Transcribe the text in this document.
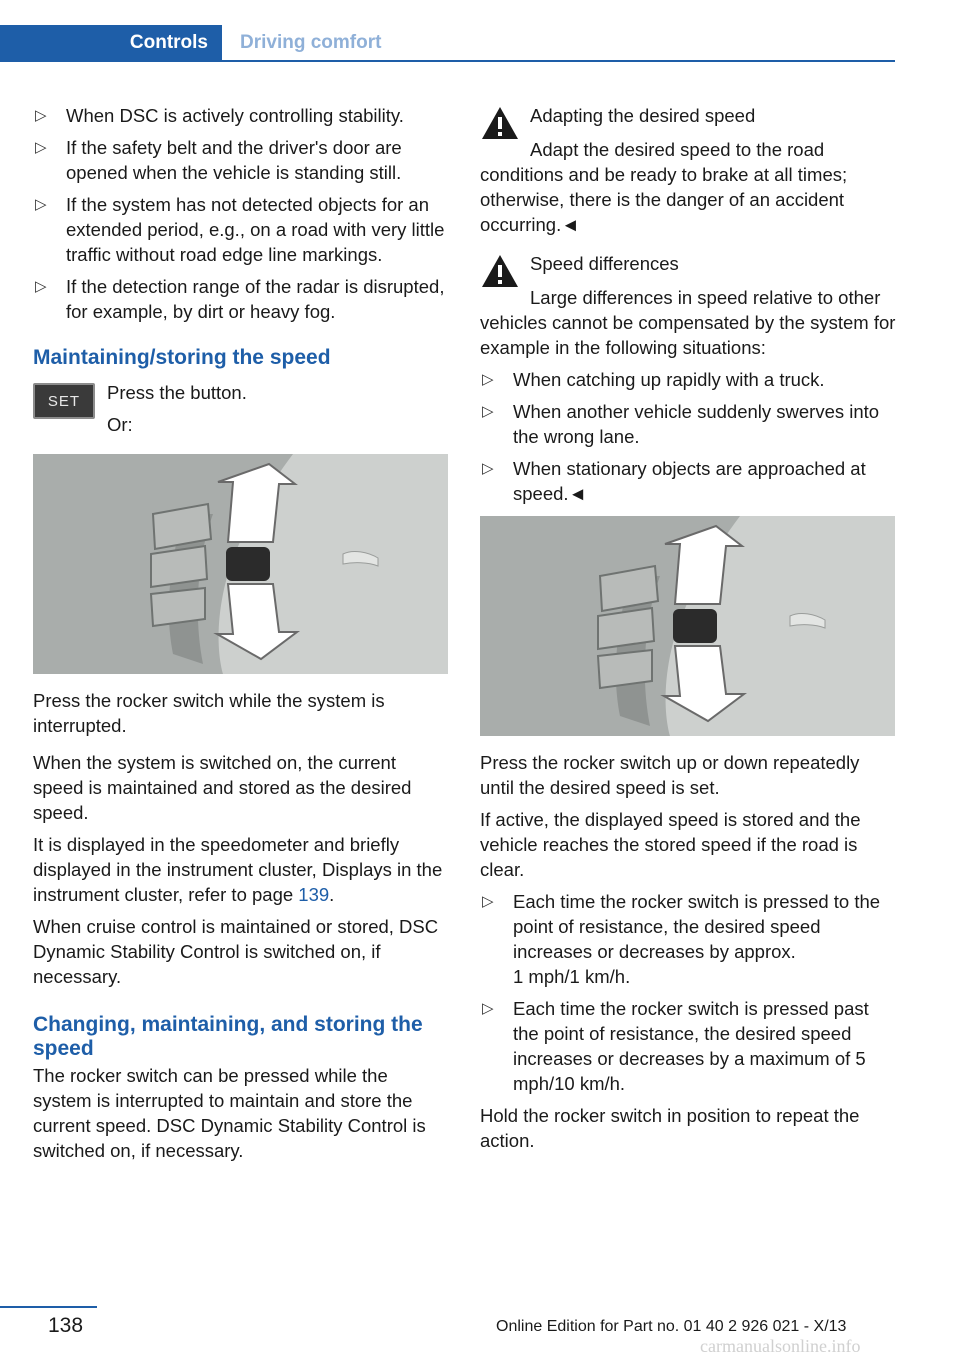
Controls	Driving comfort
▷	When DSC is actively controlling stability.
▷	If the safety belt and the driver's door are opened when the vehicle is standing still.
▷	If the system has not detected objects for an extended period, e.g., on a road with very little traffic without road edge line markings.
▷	If the detection range of the radar is disrupted, for example, by dirt or heavy fog.
Maintaining/storing the speed
SET	Press the button.

Or:

Press the rocker switch while the system is interrupted.

When the system is switched on, the current speed is maintained and stored as the desired speed.

It is displayed in the speedometer and briefly displayed in the instrument cluster, Displays in the instrument cluster, refer to page 139.

When cruise control is maintained or stored, DSC Dynamic Stability Control is switched on, if necessary.

Changing, maintaining, and storing the speed

The rocker switch can be pressed while the system is interrupted to maintain and store the current speed. DSC Dynamic Stability Control is switched on, if necessary.

Adapting the desired speed

Adapt the desired speed to the road conditions and be ready to brake at all times; otherwise, there is the danger of an accident occurring.◄

Speed differences

Large differences in speed relative to other vehicles cannot be compensated by the system for example in the following situations:

▷	When catching up rapidly with a truck.
▷	When another vehicle suddenly swerves into the wrong lane.
▷	When stationary objects are approached at speed.◄

Press the rocker switch up or down repeatedly until the desired speed is set.

If active, the displayed speed is stored and the vehicle reaches the stored speed if the road is clear.

▷	Each time the rocker switch is pressed to the point of resistance, the desired speed increases or decreases by approx.
1 mph/1 km/h.
▷	Each time the rocker switch is pressed past the point of resistance, the desired speed increases or decreases by a maximum of 5 mph/10 km/h.

Hold the rocker switch in position to repeat the action.

138	Online Edition for Part no. 01 40 2 926 021 - X/13
carmanualsonline.info
